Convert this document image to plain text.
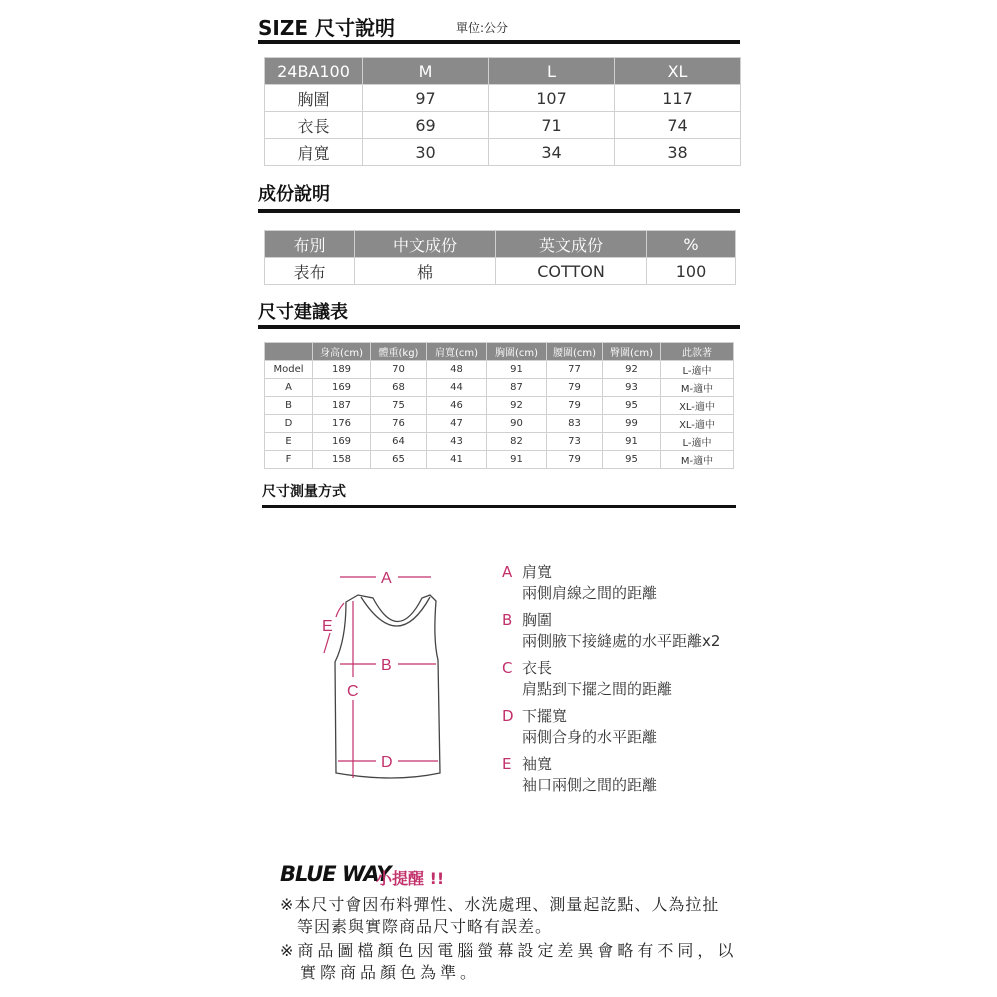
SIZE 尺寸說明	單位:公分
24BA100	M	L	XL
胸圍	97	107	117
衣長	69	71	74
肩寬	30	34	38
成份說明
布別	中文成份	英文成份	%
表布	棉	COTTON	100
尺寸建議表
	身高(cm)	體重(kg)	肩寬(cm)	胸圍(cm)	腰圍(cm)	臀圍(cm)	此款著
Model	189	70	48	91	77	92	L-適中
A	169	68	44	87	79	93	M-適中
B	187	75	46	92	79	95	XL-適中
D	176	76	47	90	83	99	XL-適中
E	169	64	43	82	73	91	L-適中
F	158	65	41	91	79	95	M-適中
尺寸測量方式
A
B
C
D
E
A 肩寬
兩側肩線之間的距離
B 胸圍
兩側腋下接縫處的水平距離x2
C 衣長
肩點到下擺之間的距離
D 下擺寬
兩側合身的水平距離
E 袖寬
袖口兩側之間的距離
BLUE WAY
小提醒 !!
※本尺寸會因布料彈性、水洗處理、測量起訖點、人為拉扯
　等因素與實際商品尺寸略有誤差。
※商品圖檔顏色因電腦螢幕設定差異會略有不同，以
　實際商品顏色為準。
